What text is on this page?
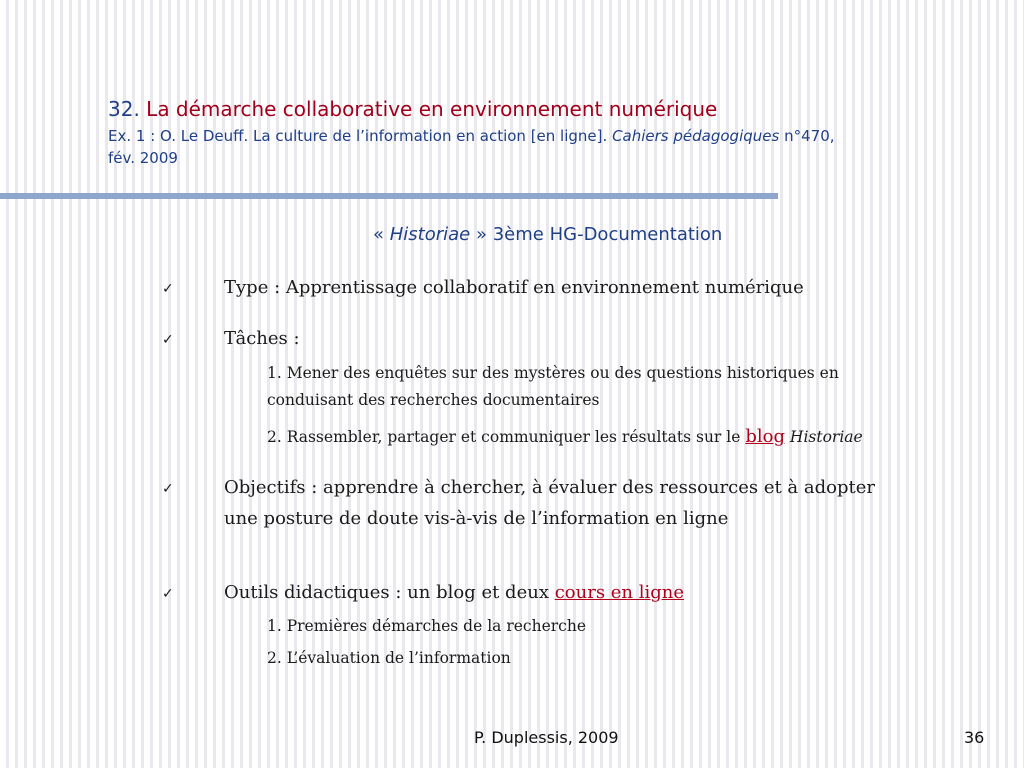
32. La démarche collaborative en environnement numérique
Ex. 1 : O. Le Deuff. La culture de l’information en action [en ligne]. Cahiers pédagogiques n°470,
fév. 2009
« Historiae » 3ème HG-Documentation
✓	Type : Apprentissage collaboratif en environnement numérique
✓	Tâches :
1. Mener des enquêtes sur des mystères ou des questions historiques en
conduisant des recherches documentaires
2. Rassembler, partager et communiquer les résultats sur le blog Historiae
✓	Objectifs : apprendre à chercher, à évaluer des ressources et à adopter
une posture de doute vis-à-vis de l’information en ligne
✓	Outils didactiques : un blog et deux cours en ligne
1. Premières démarches de la recherche
2. L’évaluation de l’information
P. Duplessis, 2009	36
